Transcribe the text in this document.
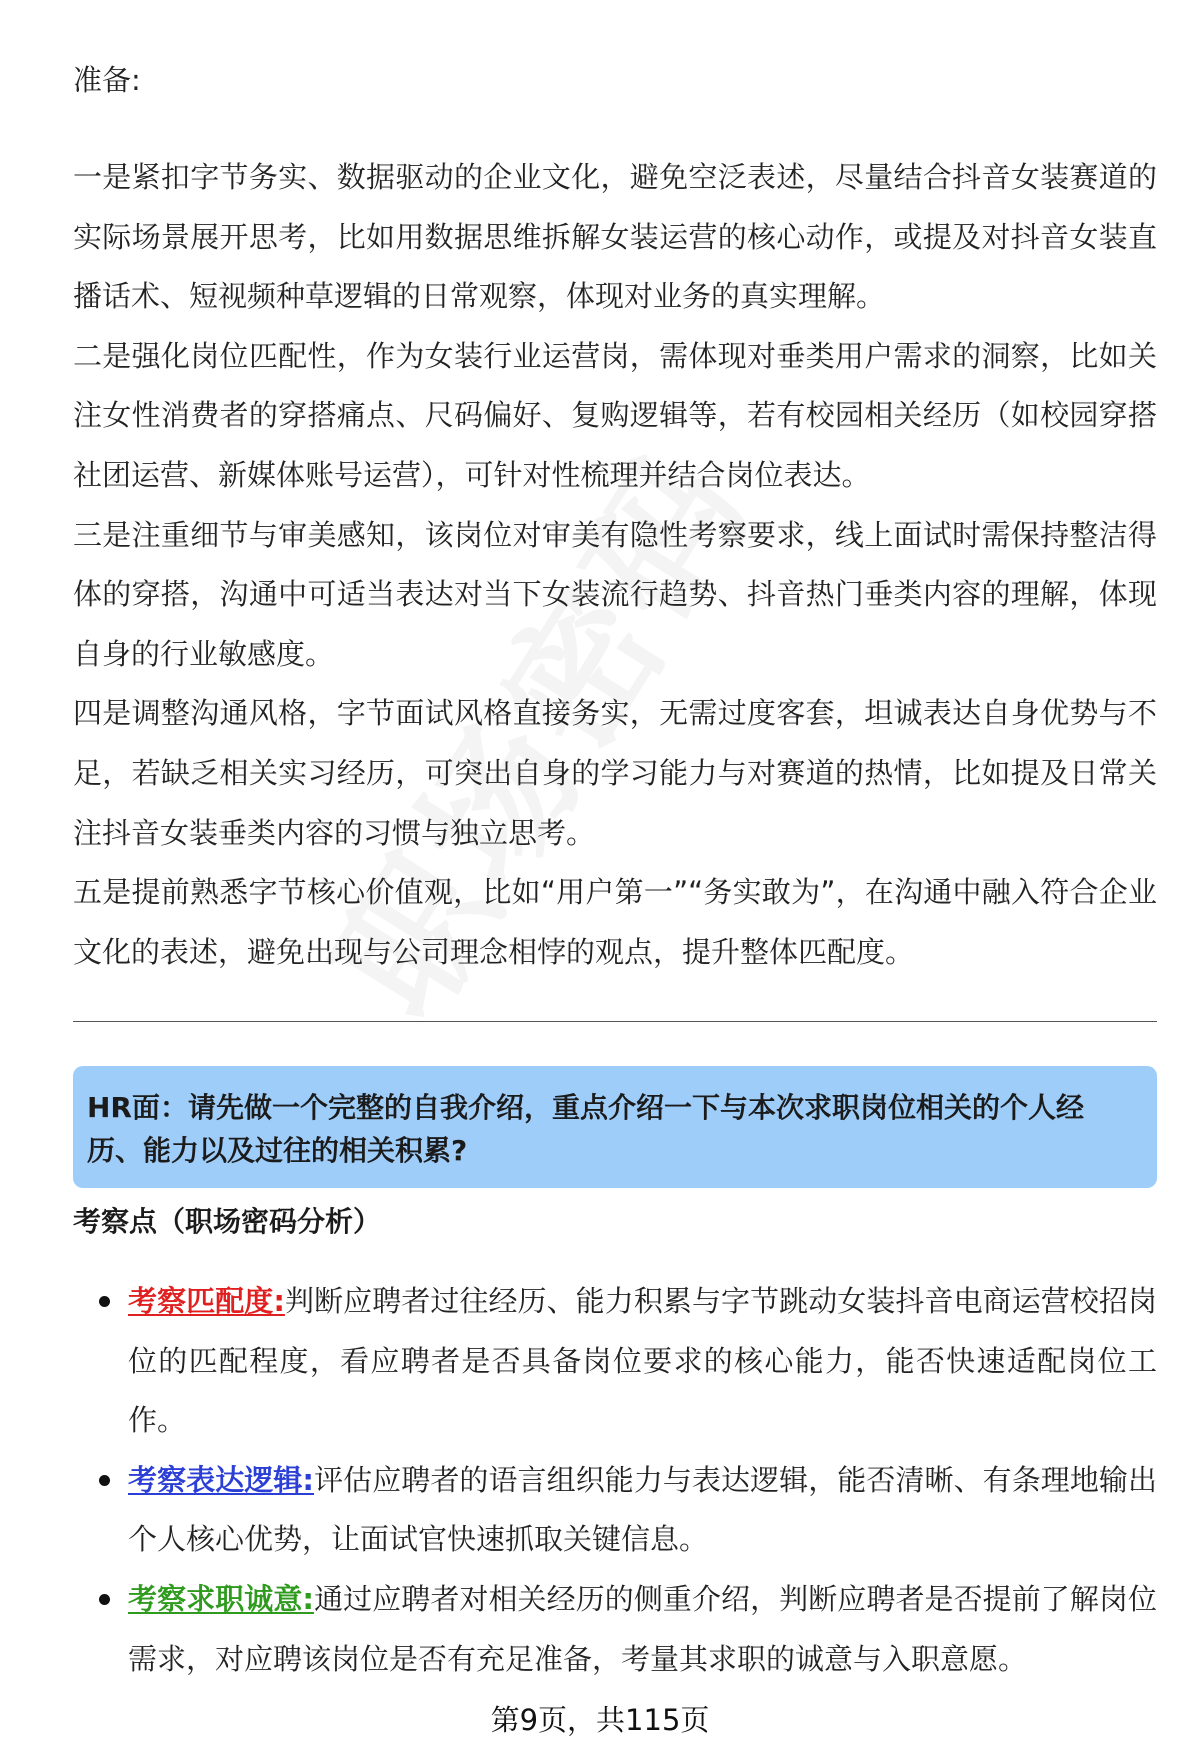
准备:

一是紧扣字节务实、数据驱动的企业文化，避免空泛表述，尽量结合抖音女装赛道的实际场景展开思考，比如用数据思维拆解女装运营的核心动作，或提及对抖音女装直播话术、短视频种草逻辑的日常观察，体现对业务的真实理解。

二是强化岗位匹配性，作为女装行业运营岗，需体现对垂类用户需求的洞察，比如关注女性消费者的穿搭痛点、尺码偏好、复购逻辑等，若有校园相关经历（如校园穿搭社团运营、新媒体账号运营），可针对性梳理并结合岗位表达。

三是注重细节与审美感知，该岗位对审美有隐性考察要求，线上面试时需保持整洁得体的穿搭，沟通中可适当表达对当下女装流行趋势、抖音热门垂类内容的理解，体现自身的行业敏感度。

四是调整沟通风格，字节面试风格直接务实，无需过度客套，坦诚表达自身优势与不足，若缺乏相关实习经历，可突出自身的学习能力与对赛道的热情，比如提及日常关注抖音女装垂类内容的习惯与独立思考。

五是提前熟悉字节核心价值观，比如“用户第一”“务实敢为”，在沟通中融入符合企业文化的表述，避免出现与公司理念相悖的观点，提升整体匹配度。

HR面：请先做一个完整的自我介绍，重点介绍一下与本次求职岗位相关的个人经历、能力以及过往的相关积累?
考察点（职场密码分析）
考察匹配度:判断应聘者过往经历、能力积累与字节跳动女装抖音电商运营校招岗位的匹配程度，看应聘者是否具备岗位要求的核心能力，能否快速适配岗位工作。
考察表达逻辑:评估应聘者的语言组织能力与表达逻辑，能否清晰、有条理地输出个人核心优势，让面试官快速抓取关键信息。
考察求职诚意:通过应聘者对相关经历的侧重介绍，判断应聘者是否提前了解岗位需求，对应聘该岗位是否有充足准备，考量其求职的诚意与入职意愿。
第9页，共115页
